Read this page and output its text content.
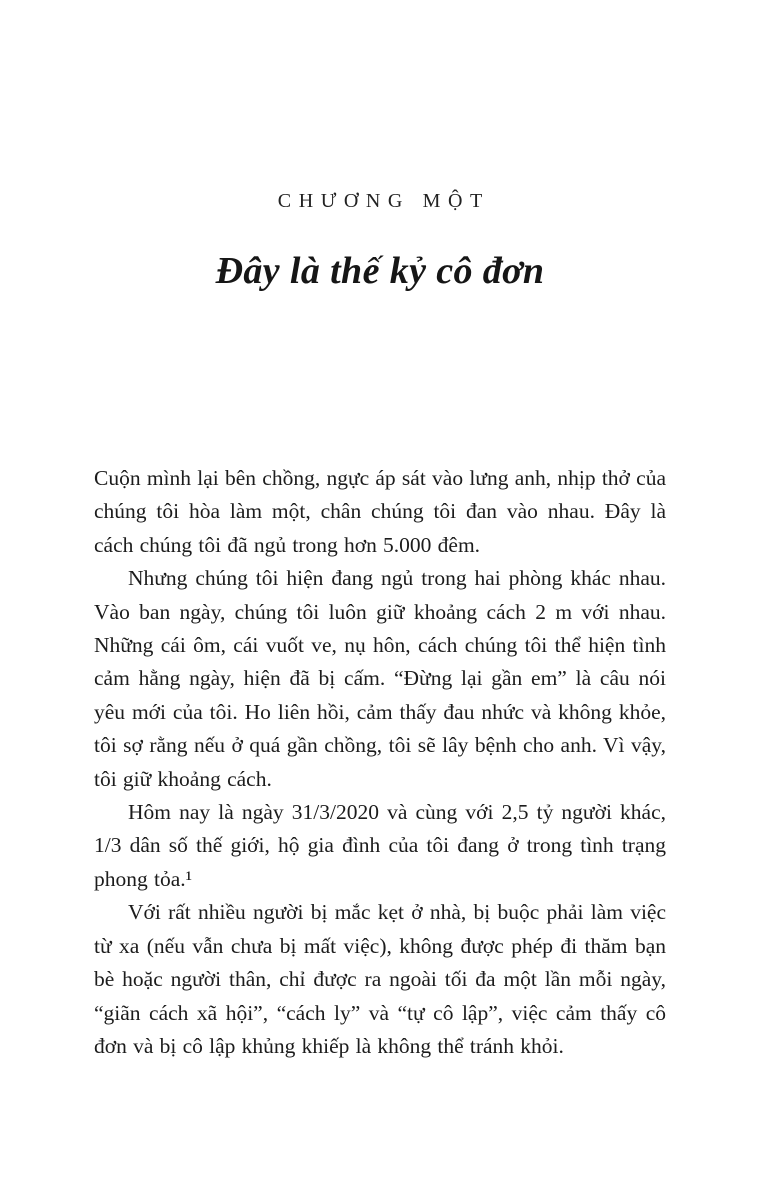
CHƯƠNG MỘT
Đây là thế kỷ cô đơn

Cuộn mình lại bên chồng, ngực áp sát vào lưng anh, nhịp thở của chúng tôi hòa làm một, chân chúng tôi đan vào nhau. Đây là cách chúng tôi đã ngủ trong hơn 5.000 đêm.

Nhưng chúng tôi hiện đang ngủ trong hai phòng khác nhau. Vào ban ngày, chúng tôi luôn giữ khoảng cách 2 m với nhau. Những cái ôm, cái vuốt ve, nụ hôn, cách chúng tôi thể hiện tình cảm hằng ngày, hiện đã bị cấm. “Đừng lại gần em” là câu nói yêu mới của tôi. Ho liên hồi, cảm thấy đau nhức và không khỏe, tôi sợ rằng nếu ở quá gần chồng, tôi sẽ lây bệnh cho anh. Vì vậy, tôi giữ khoảng cách.

Hôm nay là ngày 31/3/2020 và cùng với 2,5 tỷ người khác, 1/3 dân số thế giới, hộ gia đình của tôi đang ở trong tình trạng phong tỏa.¹

Với rất nhiều người bị mắc kẹt ở nhà, bị buộc phải làm việc từ xa (nếu vẫn chưa bị mất việc), không được phép đi thăm bạn bè hoặc người thân, chỉ được ra ngoài tối đa một lần mỗi ngày, “giãn cách xã hội”, “cách ly” và “tự cô lập”, việc cảm thấy cô đơn và bị cô lập khủng khiếp là không thể tránh khỏi.
